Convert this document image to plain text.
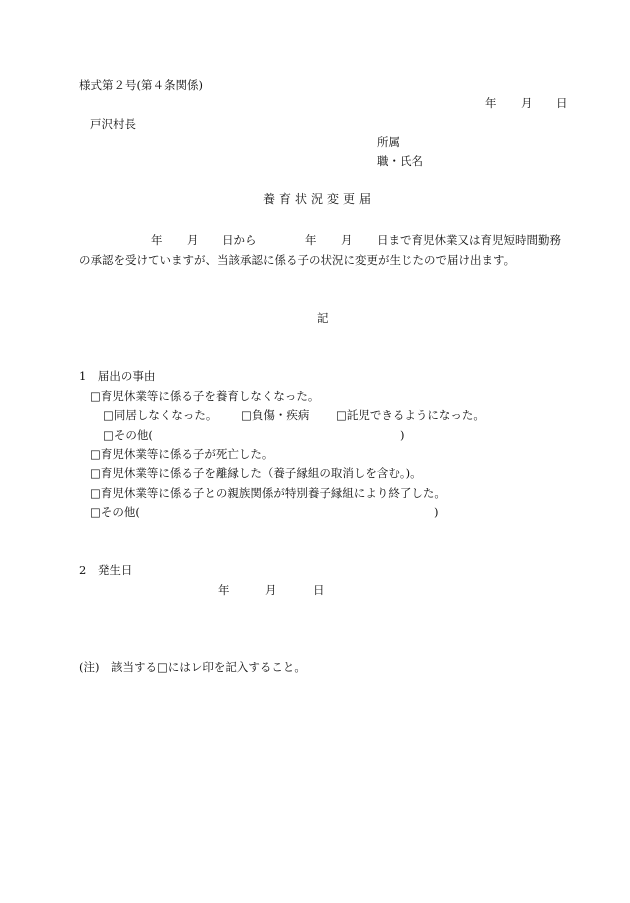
様式第２号(第４条関係)
年 月 日
戸沢村長
所属
職・氏名
養育状況変更届
年 月 日から	年 月 日まで育児休業又は育児短時間勤務
の承認を受けていますが、当該承認に係る子の状況に変更が生じたので届け出ます。
記
1　届出の事由
□育児休業等に係る子を養育しなくなった。
□同居しなくなった。 □負傷・疾病 □託児できるようになった。
□その他(	)
□育児休業等に係る子が死亡した。
□育児休業等に係る子を離縁した（養子縁組の取消しを含む。)。
□育児休業等に係る子との親族関係が特別養子縁組により終了した。
□その他(	)
2　発生日
年	月	日
(注)　該当する□にはレ印を記入すること。
